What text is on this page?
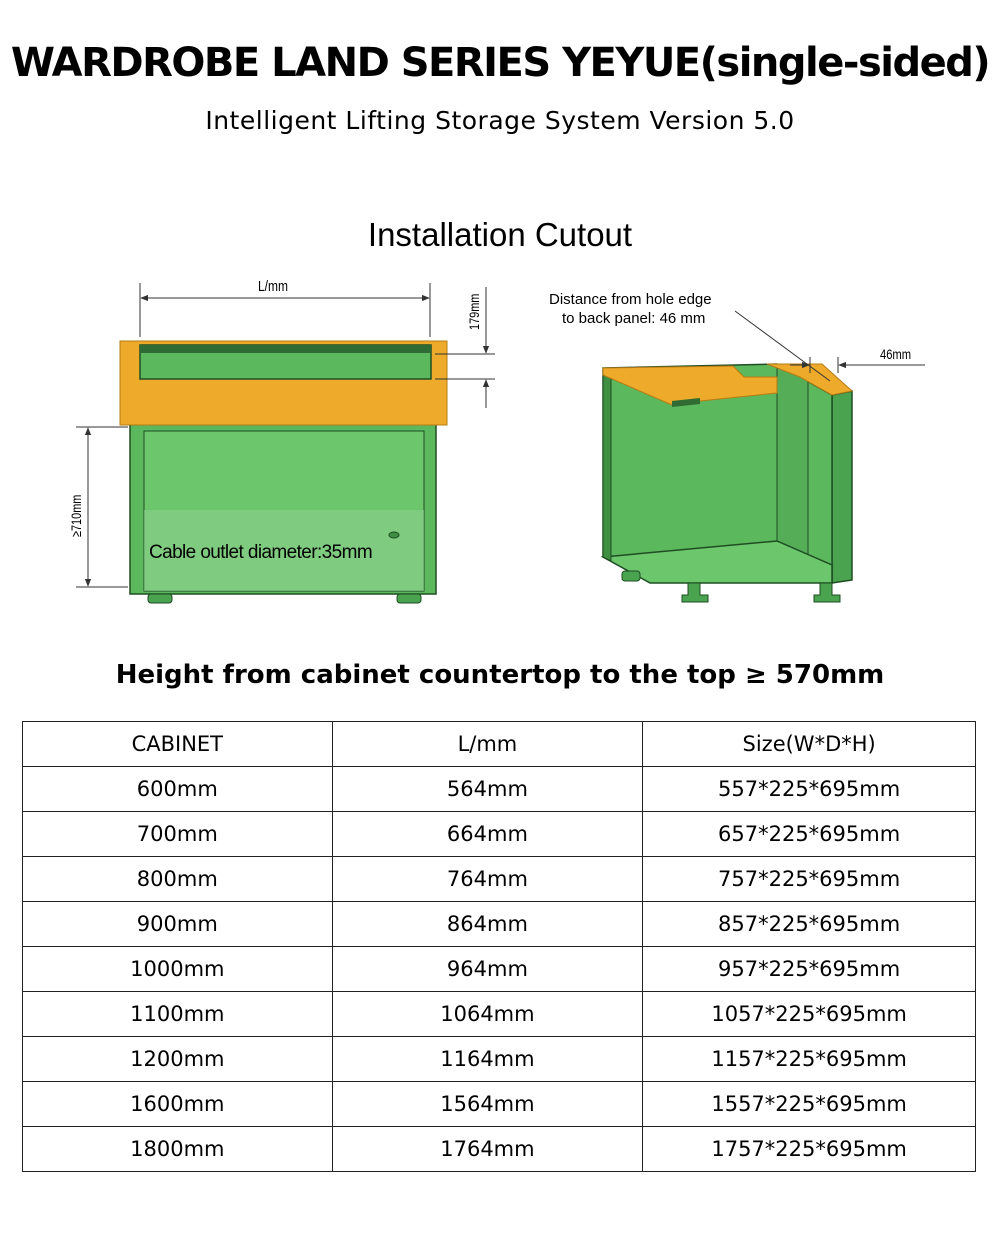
WARDROBE LAND SERIES YEYUE(single-sided)
Intelligent Lifting Storage System Version 5.0
Installation Cutout
L/mm
179mm
≥710mm
Cable outlet diameter:35mm
Distance from hole edge
to back panel: 46 mm
46mm
Height from cabinet countertop to the top ≥ 570mm
CABINET	L/mm	Size(W*D*H)
600mm	564mm	557*225*695mm
700mm	664mm	657*225*695mm
800mm	764mm	757*225*695mm
900mm	864mm	857*225*695mm
1000mm	964mm	957*225*695mm
1100mm	1064mm	1057*225*695mm
1200mm	1164mm	1157*225*695mm
1600mm	1564mm	1557*225*695mm
1800mm	1764mm	1757*225*695mm
